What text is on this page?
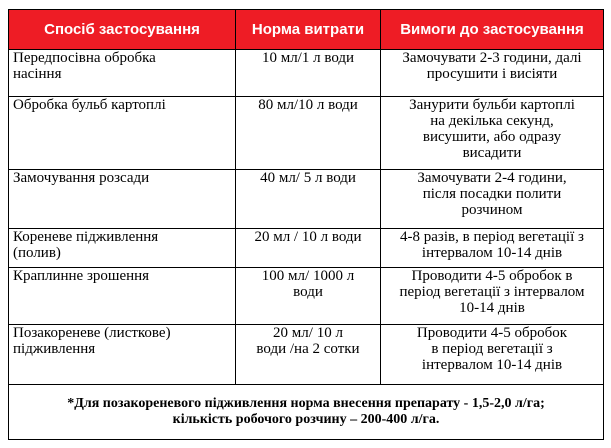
Спосіб застосування	Норма витрати	Вимоги до застосування

Передпосівна обробка
насіння	10 мл/1 л води	Замочувати 2-3 години, далі
просушити і висіяти

Обробка бульб картоплі	80 мл/10 л води	Занурити бульби картоплі
на декілька секунд,
висушити, або одразу
висадити

Замочування розсади	40 мл/ 5 л води	Замочувати 2-4 години,
після посадки полити
розчином

Кореневе підживлення
(полив)	20 мл / 10 л води	4-8 разів, в період вегетації з
інтервалом 10-14 днів

Краплинне зрошення	100 мл/ 1000 л
води	Проводити 4-5 обробок в
період вегетації з інтервалом
10-14 днів

Позакореневе (листкове)
підживлення	20 мл/ 10 л
води /на 2 сотки	Проводити 4-5 обробок
в період вегетації з
інтервалом 10-14 днів

*Для позакореневого підживлення норма внесення препарату - 1,5-2,0 л/га;
кількість робочого розчину – 200-400 л/га.		
